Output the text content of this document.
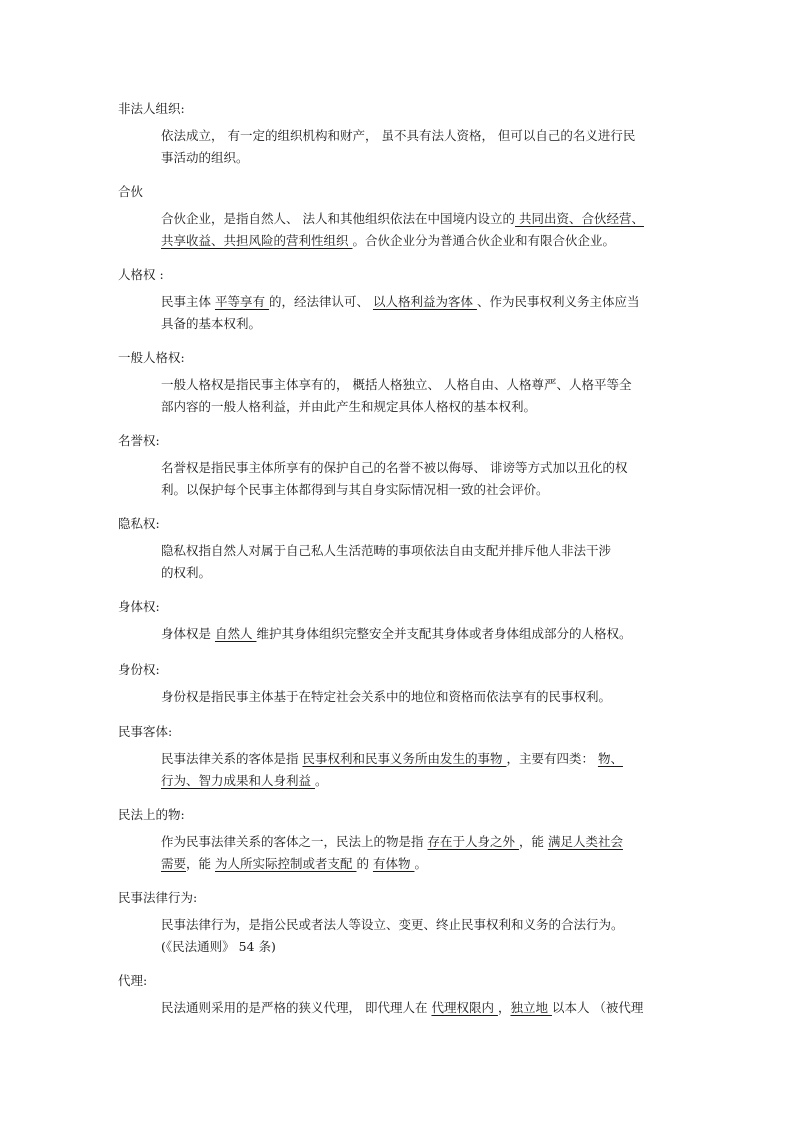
非法人组织:

依法成立， 有一定的组织机构和财产， 虽不具有法人资格， 但可以自己的名义进行民
事活动的组织。

合伙

合伙企业，是指自然人、 法人和其他组织依法在中国境内设立的 共同出资、合伙经营、
共享收益、共担风险的营利性组织 。合伙企业分为普通合伙企业和有限合伙企业。

人格权 :

民事主体 平等享有 的，经法律认可、 以人格利益为客体 、作为民事权利义务主体应当
具备的基本权利。

一般人格权:

一般人格权是指民事主体享有的， 概括人格独立、 人格自由、人格尊严、人格平等全
部内容的一般人格利益，并由此产生和规定具体人格权的基本权利。

名誉权:

名誉权是指民事主体所享有的保护自己的名誉不被以侮辱、 诽谤等方式加以丑化的权
利。以保护每个民事主体都得到与其自身实际情况相一致的社会评价。

隐私权:

隐私权指自然人对属于自己私人生活范畴的事项依法自由支配并排斥他人非法干涉
的权利。

身体权:

身体权是 自然人 维护其身体组织完整安全并支配其身体或者身体组成部分的人格权。

身份权:

身份权是指民事主体基于在特定社会关系中的地位和资格而依法享有的民事权利。

民事客体:

民事法律关系的客体是指 民事权利和民事义务所由发生的事物 ，主要有四类： 物、
行为、智力成果和人身利益 。

民法上的物:

作为民事法律关系的客体之一，民法上的物是指 存在于人身之外 ，能 满足人类社会
需要，能 为人所实际控制或者支配 的 有体物 。

民事法律行为:

民事法律行为，是指公民或者法人等设立、变更、终止民事权利和义务的合法行为。
(《民法通则》 54 条)

代理:

民法通则采用的是严格的狭义代理， 即代理人在 代理权限内 ，独立地 以本人 （被代理
